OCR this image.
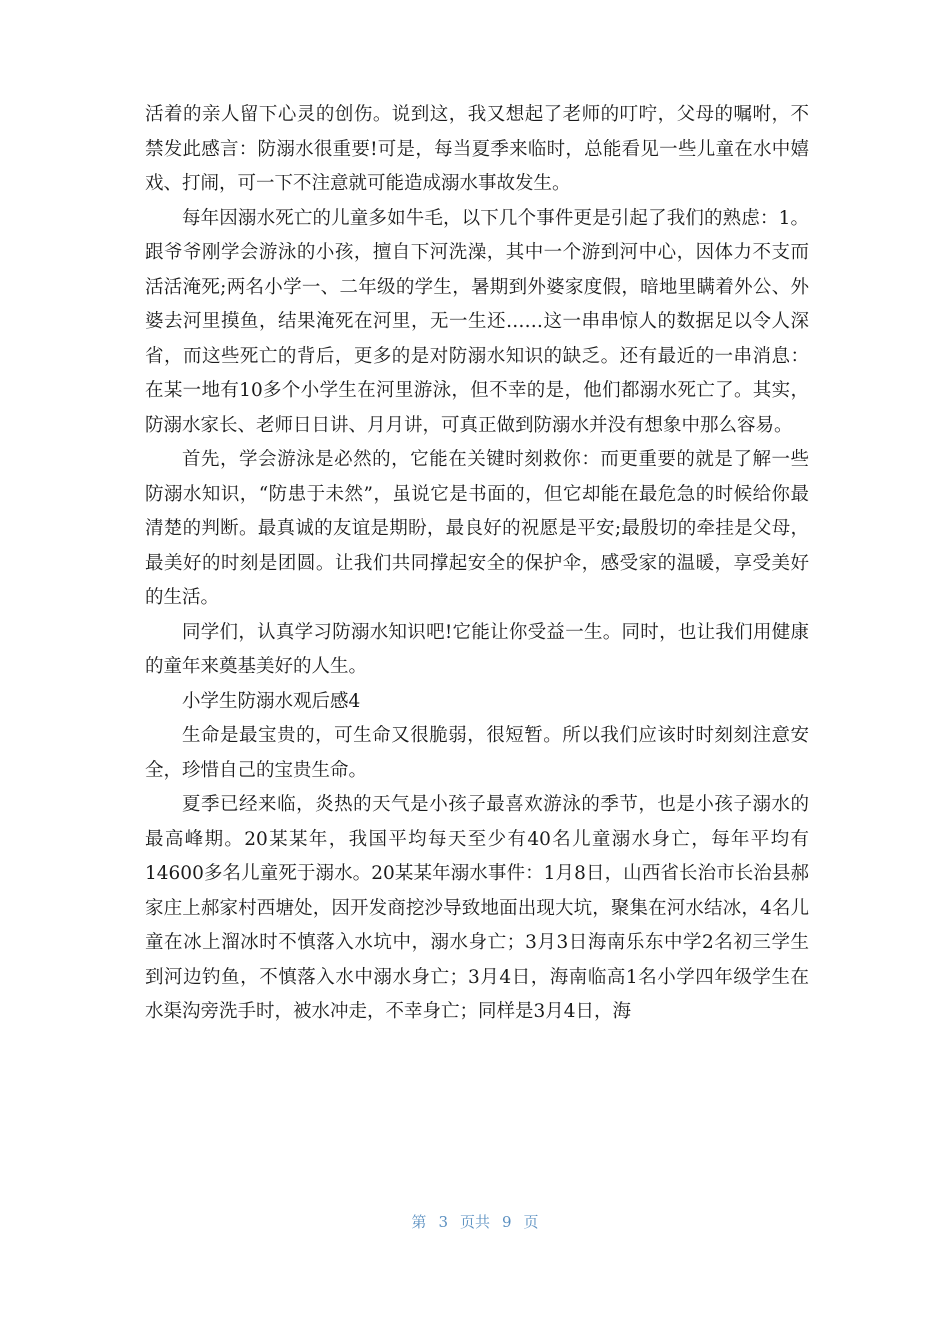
活着的亲人留下心灵的创伤。说到这，我又想起了老师的叮咛，父母的嘱咐，不禁发此感言：防溺水很重要!可是，每当夏季来临时，总能看见一些儿童在水中嬉戏、打闹，可一下不注意就可能造成溺水事故发生。

每年因溺水死亡的儿童多如牛毛，以下几个事件更是引起了我们的熟虑：1。跟爷爷刚学会游泳的小孩，擅自下河洗澡，其中一个游到河中心，因体力不支而活活淹死;两名小学一、二年级的学生，暑期到外婆家度假，暗地里瞒着外公、外婆去河里摸鱼，结果淹死在河里，无一生还……这一串串惊人的数据足以令人深省，而这些死亡的背后，更多的是对防溺水知识的缺乏。还有最近的一串消息：在某一地有10多个小学生在河里游泳，但不幸的是，他们都溺水死亡了。其实，防溺水家长、老师日日讲、月月讲，可真正做到防溺水并没有想象中那么容易。

首先，学会游泳是必然的，它能在关键时刻救你：而更重要的就是了解一些防溺水知识，“防患于未然”，虽说它是书面的，但它却能在最危急的时候给你最清楚的判断。最真诚的友谊是期盼，最良好的祝愿是平安;最殷切的牵挂是父母，最美好的时刻是团圆。让我们共同撑起安全的保护伞，感受家的温暖，享受美好的生活。

同学们，认真学习防溺水知识吧!它能让你受益一生。同时，也让我们用健康的童年来奠基美好的人生。

小学生防溺水观后感4

生命是最宝贵的，可生命又很脆弱，很短暂。所以我们应该时时刻刻注意安全，珍惜自己的宝贵生命。

夏季已经来临，炎热的天气是小孩子最喜欢游泳的季节，也是小孩子溺水的最高峰期。20某某年，我国平均每天至少有40名儿童溺水身亡，每年平均有14600多名儿童死于溺水。20某某年溺水事件：1月8日，山西省长治市长治县郝家庄上郝家村西塘处，因开发商挖沙导致地面出现大坑，聚集在河水结冰，4名儿童在冰上溜冰时不慎落入水坑中，溺水身亡；3月3日海南乐东中学2名初三学生到河边钓鱼，不慎落入水中溺水身亡；3月4日，海南临高1名小学四年级学生在水渠沟旁洗手时，被水冲走，不幸身亡；同样是3月4日，海

第 3 页共 9 页
